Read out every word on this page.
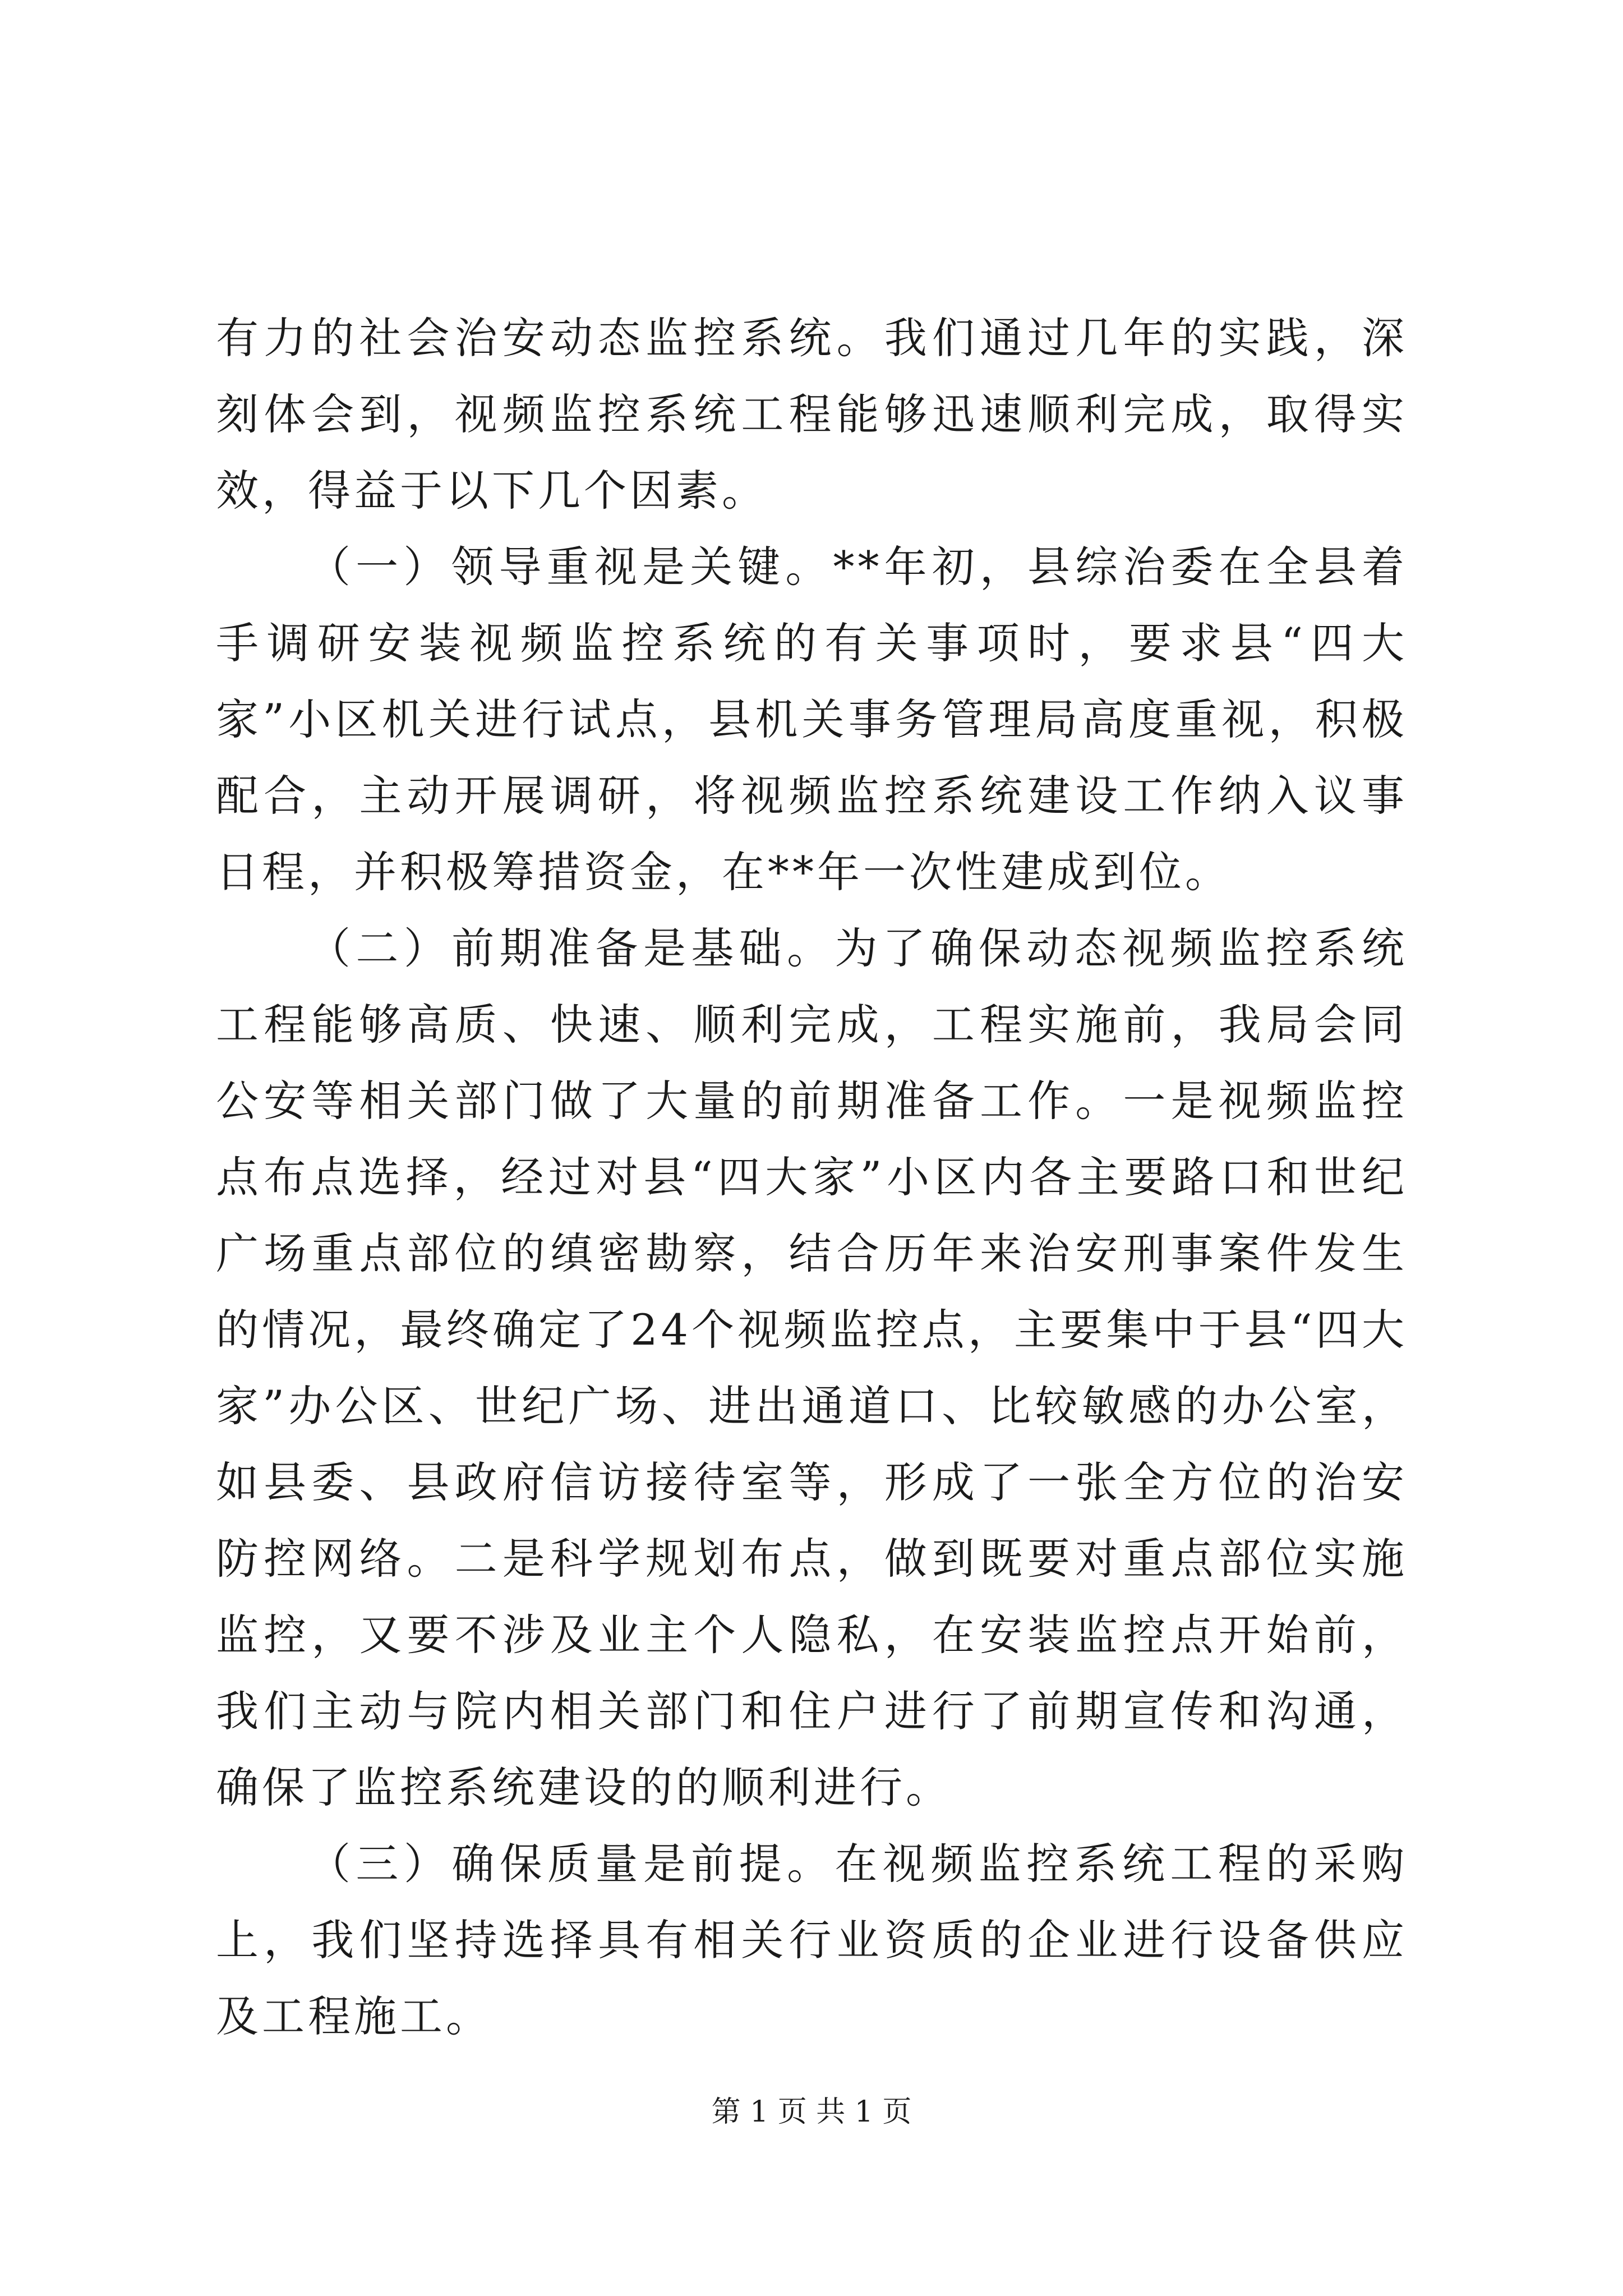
有力的社会治安动态监控系统。我们通过几年的实践，深刻体会到，视频监控系统工程能够迅速顺利完成，取得实效，得益于以下几个因素。

（一）领导重视是关键。**年初，县综治委在全县着手调研安装视频监控系统的有关事项时，要求县“四大家”小区机关进行试点，县机关事务管理局高度重视，积极配合，主动开展调研，将视频监控系统建设工作纳入议事日程，并积极筹措资金，在**年一次性建成到位。

（二）前期准备是基础。为了确保动态视频监控系统工程能够高质、快速、顺利完成，工程实施前，我局会同公安等相关部门做了大量的前期准备工作。一是视频监控点布点选择，经过对县“四大家”小区内各主要路口和世纪广场重点部位的缜密勘察，结合历年来治安刑事案件发生的情况，最终确定了24个视频监控点，主要集中于县“四大家”办公区、世纪广场、进出通道口、比较敏感的办公室，如县委、县政府信访接待室等，形成了一张全方位的治安防控网络。二是科学规划布点，做到既要对重点部位实施监控，又要不涉及业主个人隐私，在安装监控点开始前，我们主动与院内相关部门和住户进行了前期宣传和沟通，确保了监控系统建设的的顺利进行。

（三）确保质量是前提。在视频监控系统工程的采购上，我们坚持选择具有相关行业资质的企业进行设备供应及工程施工。

第 1 页 共 1 页
